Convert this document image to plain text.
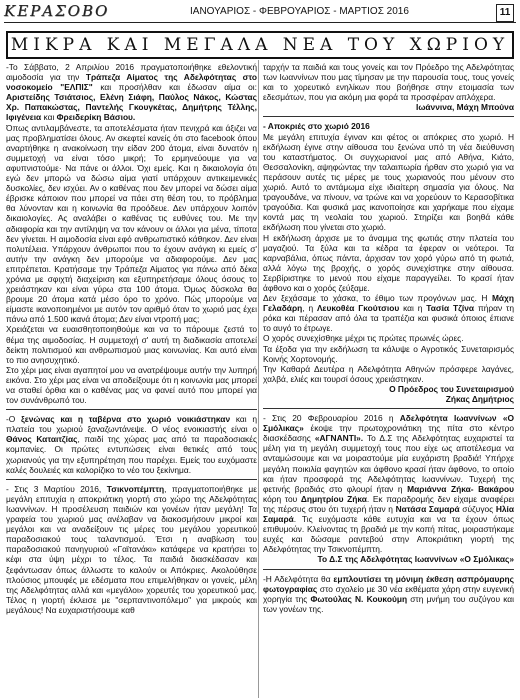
ΚΕΡΑΣΟΒΟ	ΙΑΝΟΥΑΡΙΟΣ - ΦΕΒΡΟΥΑΡΙΟΣ - ΜΑΡΤΙΟΣ 2016	11
ΜΙΚΡΑ ΚΑΙ ΜΕΓΑΛΑ ΝΕΑ ΤΟΥ ΧΩΡΙΟΥ

-Το Σάββατο, 2 Απριλίου 2016 πραγματοποιήθηκε εθελοντική αιμοδοσία για την Τράπεζα Αίματος της Αδελφότητας στο νοσοκομείο "ΕΛΠΙΣ" και προσήλθαν και έδωσαν αίμα οι: Αριστείδης Τσιάτσιος, Ελένη Σιάφη, Παύλος Νάκος, Κώστας Χρ. Παπακώστας, Παντελής Γκουγκέτας, Δημήτρης Τέλλης, Ιφιγένεια και Φρειδερίκη Βάσιου.

Όπως αντιλαμβάνεστε, τα αποτελέσματα ήταν πενιχρά και άξιζει να μας προβληματίσει όλους. Αν σκεφτεί κανείς ότι στο facebook όπου αναρτήθηκε η ανακοίνωση την είδαν 200 άτομα, είναι δυνατόν η συμμετοχή να είναι τόσο μικρή; Το ερμηνεύουμε για να αφυπνιστούμε· Να πάνε οι άλλοι. Όχι εμείς. Και η δικαιολογία ότι εγώ δεν μπορώ να δώσω αίμα γιατί υπάρχουν αντικειμενικές δυσκολίες, δεν ισχύει. Αν ο καθένας που δεν μπορεί να δώσει αίμα έβρισκε κάποιον που μπορεί να πάει στη θέση του, το πρόβλημα θα λύνονταν και η κοινωνία θα προόδευε. Δεν υπάρχουν λοιπόν δικαιολογίες. Ας αναλάβει ο καθένας τις ευθύνες του. Με την αδιαφορία και την αντίληψη να τον κάνουν οι άλλοι για μένα, τίποτα δεν γίνεται. Η αιμοδοσία είναι εφό ανθρωπιστικό κάθηκον. Δεν είναι πολυτέλεια. Υπάρχουν άνθρωποι που το έχουν ανάγκη κι εμείς σ' αυτήν την ανάγκη δεν μπορούμε να αδιαφορούμε. Δεν μας επιτρέπεται. Κρατήσαμε την Τράπεζα Αίματος για πάνω από δέκα χρόνια με σφιχτή διαχείριση και εξυπηρετήσαμε όλους όσους το χρειάστηκαν και είναι γύρω στα 100 άτομα. Όμως δύσκολα θα βρουμε 20 άτομα κατά μέσο όρο το χρόνο. Πώς μπορούμε να είμαστε ικανοποιημένοι με αυτόν τον αριθμό όταν το χωριό μας έχει πάνω από 1.500 ικανά άτομα; Δεν είναι ντροπή μας;

Χρειάζεται να ευαισθητοποιηθούμε και να το πάρουμε ζεστά το θέμα της αιμοδοσίας. Η συμμετοχή σ' αυτή τη διαδικασία αποτελεί δείκτη πολιτισμού και ανθρωπισμού μιας κοινωνίας. Και αυτό είναι το πιο ανησυχητικό.

Στο χέρι μας είναι αγαπητοί μου να ανατρέψουμε αυτήν την λυπηρή εικόνα. Στο χέρι μας είναι να αποδείξουμε ότι η κοινωνία μας μπορεί να σταθεί όρθια και ο καθένας μας να φανεί αυτό που μπορεί για τον συνάνθρωπό του.

-Ο ξενώνας και η ταβέρνα στο χωριό νοικιάστηκαν και η πλατεία του χωριού ξαναζωντάνεψε. Ο νέος ενοικιαστής είναι ο Θάνος Καταιτζίας, παιδί της χώρας μας από τα παραδοσιακές κομπανίες. Οι πρώτες εντυπώσεις είναι θετικές από τους χωριανούς για την εξυπηρέτηση που παρέχει. Εμείς του ευχόμαστε καλές δουλειές και καλορίζικο το νέο του ξεκίνημα.

- Στις 3 Μαρτίου 2016, Τσικνοπέμπτη, πραγματοποιήθηκε με μεγάλη επιτυχία η αποκριάτικη γιορτή στο χώρο της Αδελφότητας Ιωαννίνων. Η προσέλευση παιδιών και γονέων ήταν μεγάλη! Τα γραφεία του χωριού μας ανέλαβαν να διακοσμήσουν μικροί και μεγάλοι και να αναδείξουν τις μέρες του μεγάλου χορευτικού παραδοσιακού τους ταλαντισμού. Έτσι η αναβίωση του παραδοσιακού πανηγυριού «Γαϊτανάκι» κατάφερε να κρατήσει το κέφι στα ύψη μέχρι το τέλος. Τα παιδιά διασκέδασαν και ξεφάντωσαν όπως άλλωστε το καλούν οι Απόκριες. Ακολούθησε πλούσιος μπουφές με εδέσματα που επιμελήθηκαν οι γονείς, μέλη της Αδελφότητας αλλά και «μεγάλοι» χορευτές του χορευτικού μας. Τέλος η γιορτή έκλεισε με "σερπαντινοπόλεμο" για μικρούς και μεγάλους! Να ευχαριστήσουμε καθ

ταρχήν τα παιδιά και τους γονείς και τον Πρόεδρο της Αδελφότητας των Ιωαννίνων που μας τίμησαν με την παρουσία τους, τους γονείς και το χορευτικό ενηλίκων που βοήθησε στην ετοιμασία των εδεσμάτων, που για ακόμη μια φορά τα προσφέραν απλόχερα.

Ιωάννινα, Μάχη Μπούνα

- Αποκριές στο χωριό 2016

Με μεγάλη επιτυχία έγιναν και φέτος οι απόκριες στο χωριό. Η εκδήλωση έγινε στην αίθουσα του ξενώνα υπό τη νέα διεύθυνση του καταστήματος. Οι συγχωριανοί μας από Αθήνα, Κιάτο, Θεσσαλονίκη, αψηφώντας την ταλαιπωρία ήρθαν στο χωριό για να περάσουν αυτές τις μέρες με τους χωριανούς που μένουν στο χωριό. Αυτό το αντάμωμα είχε ιδιαίτερη σημασία για όλους. Να τραγουδάνε, να πίνουν, να τρώνε και να χορεύουν το Κερασοβίτικα τραγούδια. Και φυσικά μας ικανοποίησε και χαρήκαμε που είχαμε κοντά μας τη νεολαία του χωριού. Στηρίζει και βοηθά κάθε εκδήλωση που γίνεται στο χωριό.

Η εκδήλωση άρχισε με το άναμμα της φωτιάς στην πλατεία του μαγαζιού. Τα ξύλα και τα κέδρα τα έφεραν οι νεότεροι. Τα καρναβάλια, όπως πάντα, άρχισαν τον χορό γύρω από τη φωτιά, αλλά λόγω της βροχής, ο χορός συνεχίστηκε στην αίθουσα. Σερβίριστηκε το μενού που είχαμε παραγγείλει. Το κρασί ήταν άφθονο και ο χορός ζεύξαμε.

Δεν ξεχάσαμε το χάσκα, το έθιμο των προγόνων μας. Η Μάχη Γελαδάρη, η Λευκοθέα Γκούτσιου και η Τασία Τζίνα πήραν τη ρόκα και πέρασαν από όλα τα τραπέζια και φυσικά όποιος έπιανε το αυγό το έτρωγε.

Ο χορός συνεχίσθηκε μέχρι τις πρώτες πρωινές ώρες.

Τα έξοδα για την εκδήλωση τα κάλυψε ο Αγροτικός Συνεταιρισμός Κοινής Χορτονομής.

Την Καθαρά Δευτέρα η Αδελφότητα Αθηνών πρόσφερε λαγάνες, χαλβά, ελιές και τουρσί όσους χρειάστηκαν.

Ο Πρόεδρος του Συνεταιρισμού

Ζήκας Δημήτριος

- Στις 20 Φεβρουαρίου 2016 η Αδελφότητα Ιωαννίνων «Ο Σμόλικας» έκοψε την πρωτοχρονιάτικη της πίτα στο κέντρο διασκέδασης «ΑΓΝΑΝΤΙ». Το Δ.Σ της Αδελφότητας ευχαριστεί τα μέλη για τη μεγάλη συμμετοχή τους που είχε ως αποτέλεσμα να ανταμώσουμε και να μοιραστούμε μία ευχάριστη βραδιά! Υπήρχε μεγάλη ποικιλία φαγητών και άφθονο κρασί ήταν άφθονο, το οποίο και ήταν προσφορά της Αδελφότητας Ιωαννίνων. Τυχερή της φετινής βραδιάς στο φλουρί ήταν η Μαριάννα Ζήκα- Βακάρου κόρη του Δημητρίου Ζήκα. Εκ παραδρομής δεν είχαμε αναφέρει της πέρσυς στου ότι τυχερή ήταν η Νατάσα Σαμαρά σύζυγος Ηλία Σαμαρά. Τις ευχόμαστε κάθε ευτυχία και να τα έχουν όπως επιθυμούν. Κλείνοντας τη βραδιά με την κοπή πίτας, μοιραστήκαμε ευχές και δώσαμε ραντεβού στην Αποκριάτικη γιορτή της Αδελφότητας την Τσικνοπέμπτη.

Το Δ.Σ της Αδελφότητας Ιωαννίνων «Ο Σμόλικας»

-Η Αδελφότητα θα εμπλουτίσει τη μόνιμη έκθεση ασπρόμαυρης φωτογραφίας στο σχολείο με 30 νέα εκθέματα χάρη στην ευγενική χορηγία της Φωτούλας Ν. Κουκούμη στη μνήμη του συζύγου και των γονέων της.
